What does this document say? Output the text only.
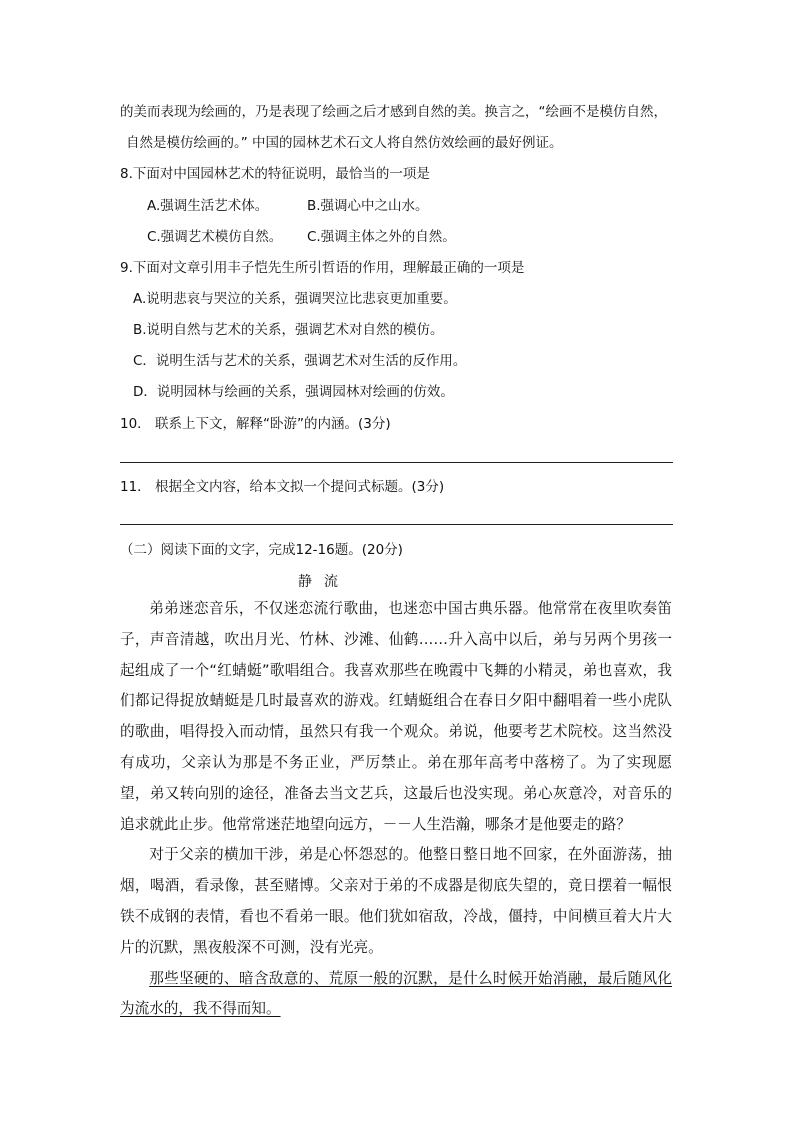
的美而表现为绘画的，乃是表现了绘画之后才感到自然的美。换言之，“绘画不是模仿自然，
自然是模仿绘画的。” 中国的园林艺术石文人将自然仿效绘画的最好例证。
8.下面对中国园林艺术的特征说明，最恰当的一项是
A.强调生活艺术体。	B.强调心中之山水。
C.强调艺术模仿自然。 C.强调主体之外的自然。
9.下面对文章引用丰子恺先生所引哲语的作用，理解最正确的一项是
A.说明悲哀与哭泣的关系，强调哭泣比悲哀更加重要。
B.说明自然与艺术的关系，强调艺术对自然的模仿。
C．说明生活与艺术的关系，强调艺术对生活的反作用。
D．说明园林与绘画的关系，强调园林对绘画的仿效。
10． 联系上下文，解释“卧游”的内涵。(3分)
11． 根据全文内容，给本文拟一个提问式标题。(3分)
（二）阅读下面的文字，完成12-16题。(20分)
静流

弟弟迷恋音乐，不仅迷恋流行歌曲，也迷恋中国古典乐器。他常常在夜里吹奏笛子，声音清越，吹出月光、竹林、沙滩、仙鹤……升入高中以后，弟与另两个男孩一起组成了一个“红蜻蜓”歌唱组合。我喜欢那些在晚霞中飞舞的小精灵，弟也喜欢，我们都记得捉放蜻蜓是几时最喜欢的游戏。红蜻蜓组合在春日夕阳中翻唱着一些小虎队的歌曲，唱得投入而动情，虽然只有我一个观众。弟说，他要考艺术院校。这当然没有成功，父亲认为那是不务正业，严厉禁止。弟在那年高考中落榜了。为了实现愿望，弟又转向别的途径，准备去当文艺兵，这最后也没实现。弟心灰意冷，对音乐的追求就此止步。他常常迷茫地望向远方，－－人生浩瀚，哪条才是他要走的路？

对于父亲的横加干涉，弟是心怀怨怼的。他整日整日地不回家，在外面游荡，抽烟，喝酒，看录像，甚至赌博。父亲对于弟的不成器是彻底失望的，竟日摆着一幅恨铁不成钢的表情，看也不看弟一眼。他们犹如宿敌，冷战，僵持，中间横亘着大片大片的沉默，黑夜般深不可测，没有光亮。

那些坚硬的、暗含敌意的、荒原一般的沉默，是什么时候开始消融，最后随风化为流水的，我不得而知。
